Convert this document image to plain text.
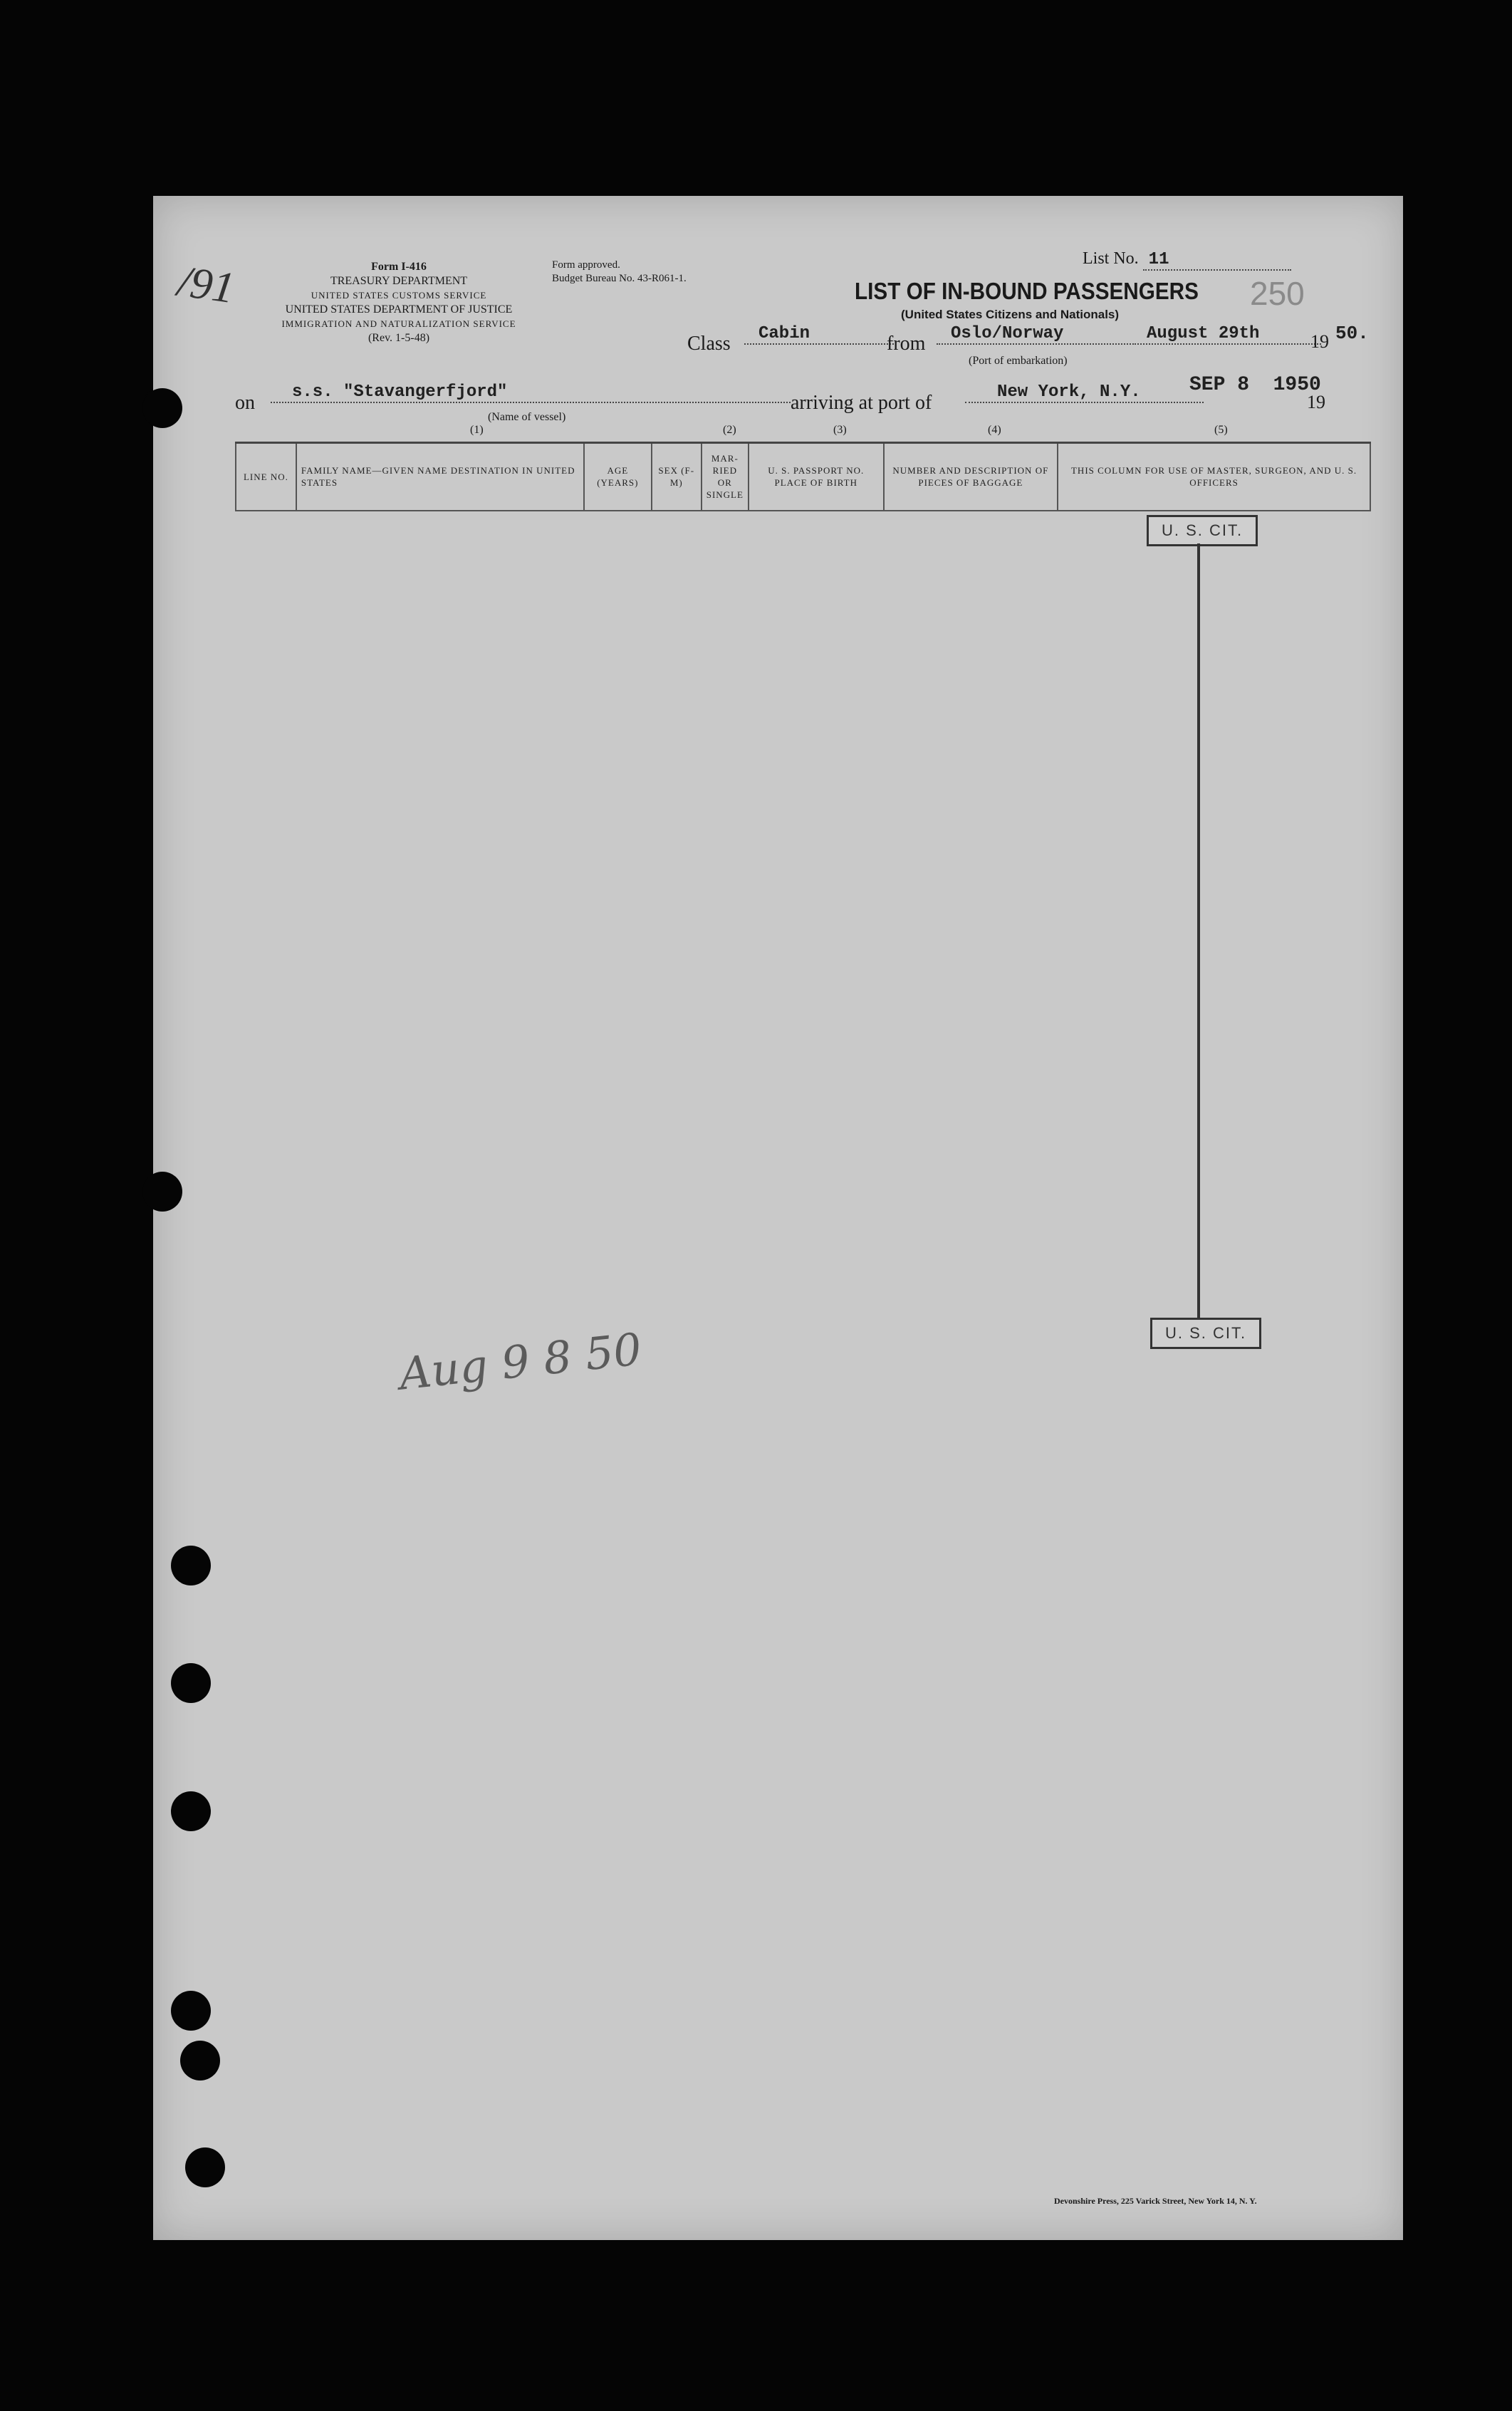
/91	Form I-416
TREASURY DEPARTMENT
UNITED STATES CUSTOMS SERVICE
UNITED STATES DEPARTMENT OF JUSTICE
IMMIGRATION AND NATURALIZATION SERVICE
(Rev. 1-5-48)
Form approved.
Budget Bureau No. 43-R061-1.
List No. 11
250
LIST OF IN-BOUND PASSENGERS
(United States Citizens and Nationals)
Class	Cabin	from	Oslo/Norway
(Port of embarkation)
August 29th	19 50.
on	s.s. "Stavangerfjord"
(Name of vessel)
arriving at port of	New York, N.Y.	SEP 8  1950
19
(1)	(2)	(3)	(4)	(5)
LINE NO.	FAMILY NAME—GIVEN NAME DESTINATION IN UNITED STATES	AGE (YEARS)	SEX (F-M)	MAR-RIED OR SINGLE	U. S. PASSPORT NO. PLACE OF BIRTH	NUMBER AND DESCRIPTION OF PIECES OF BAGGAGE	THIS COLUMN FOR USE OF MASTER, SURGEON, AND U. S. OFFICERS
U. S. CIT.
U. S. CIT.
Aug 9 8 50
Devonshire Press, 225 Varick Street, New York 14, N. Y.
